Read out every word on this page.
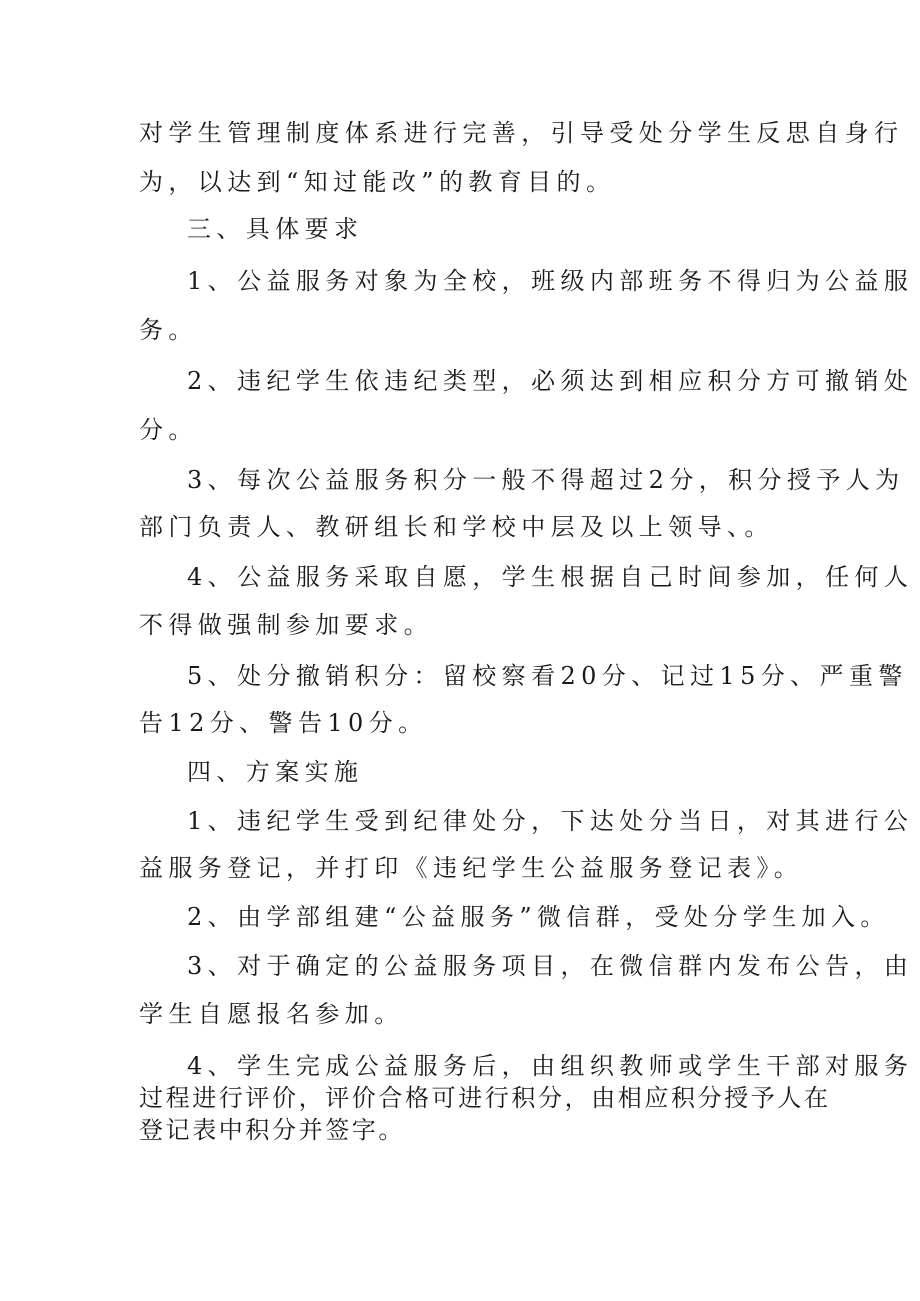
对学生管理制度体系进行完善，引导受处分学生反思自身行
为，以达到“知过能改”的教育目的。
三、具体要求
1、公益服务对象为全校，班级内部班务不得归为公益服
务。
2、违纪学生依违纪类型，必须达到相应积分方可撤销处
分。
3、每次公益服务积分一般不得超过2分，积分授予人为
部门负责人、教研组长和学校中层及以上领导、。
4、公益服务采取自愿，学生根据自己时间参加，任何人
不得做强制参加要求。
5、处分撤销积分：留校察看20分、记过15分、严重警
告12分、警告10分。
四、方案实施
1、违纪学生受到纪律处分，下达处分当日，对其进行公
益服务登记，并打印《违纪学生公益服务登记表》。
2、由学部组建“公益服务”微信群，受处分学生加入。
3、对于确定的公益服务项目，在微信群内发布公告，由
学生自愿报名参加。
4、学生完成公益服务后，由组织教师或学生干部对服务
过程进行评价，评价合格可进行积分，由相应积分授予人在
登记表中积分并签字。
